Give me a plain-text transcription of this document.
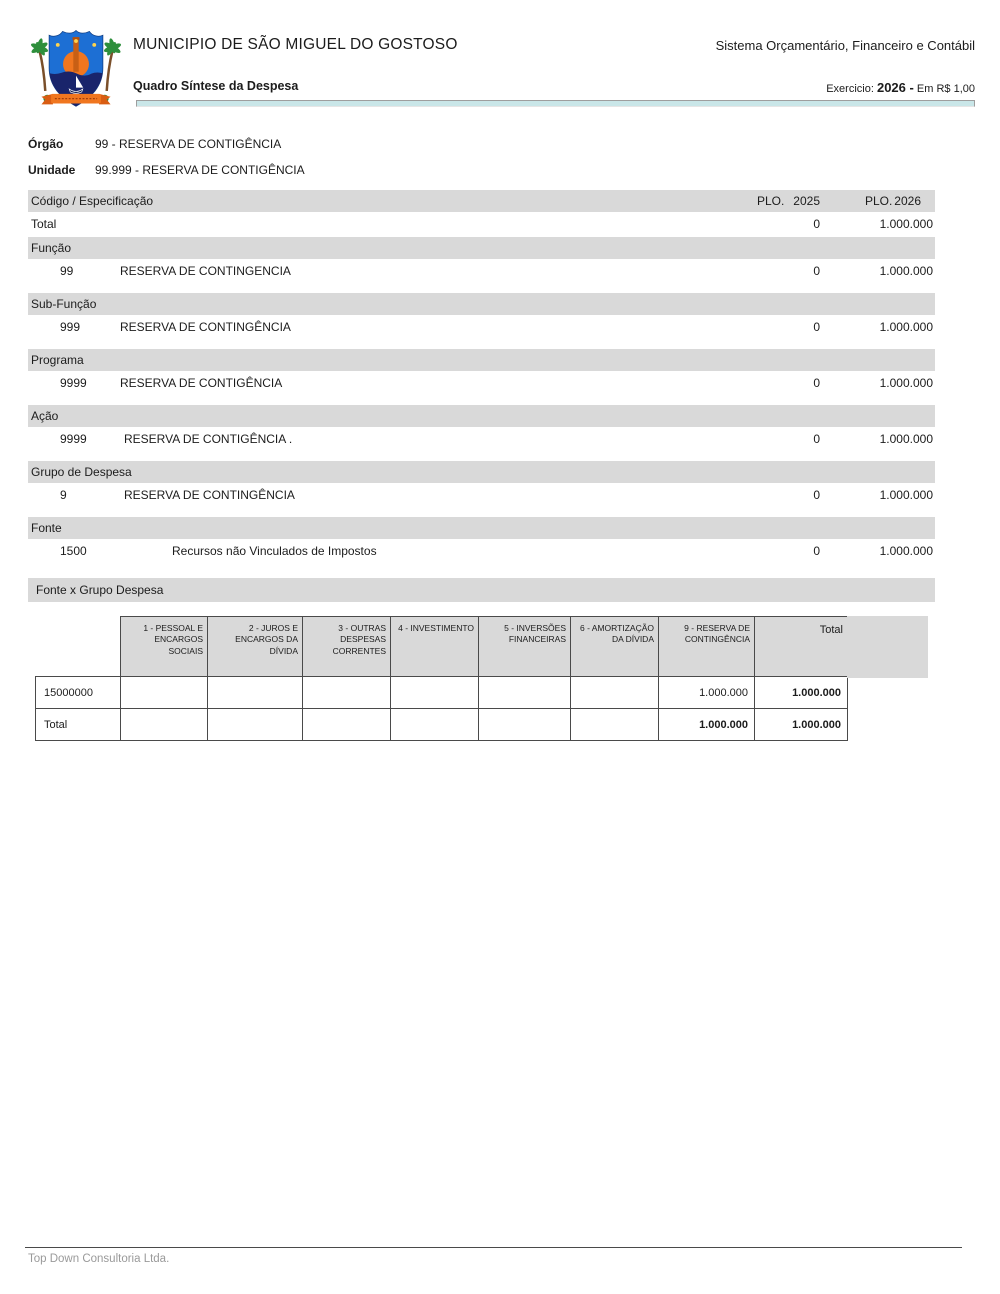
MUNICIPIO DE SÃO MIGUEL DO GOSTOSO	Sistema Orçamentário, Financeiro e Contábil
Quadro Síntese da Despesa	Exercicio: 2026 - Em R$ 1,00
Órgão	99 - RESERVA DE CONTIGÊNCIA
Unidade 99.999 - RESERVA DE CONTIGÊNCIA
Código / Especificação	PLO. 2025	PLO. 2026
Total	0	1.000.000
Função
99	RESERVA DE CONTINGENCIA	0	1.000.000
Sub-Função
999	RESERVA DE CONTINGÊNCIA	0	1.000.000
Programa
9999	RESERVA DE CONTIGÊNCIA	0	1.000.000
Ação
9999	RESERVA DE CONTIGÊNCIA .	0	1.000.000
Grupo de Despesa
9	RESERVA DE CONTINGÊNCIA	0	1.000.000
Fonte
1500	Recursos não Vinculados de Impostos	0	1.000.000
Fonte x Grupo Despesa
	1 - PESSOAL E ENCARGOS SOCIAIS	2 - JUROS E ENCARGOS DA DÍVIDA	3 - OUTRAS DESPESAS CORRENTES	4 - INVESTIMENTO	5 - INVERSÕES FINANCEIRAS	6 - AMORTIZAÇÃO DA DÍVIDA	9 - RESERVA DE CONTINGÊNCIA	Total
15000000							1.000.000	1.000.000
Total							1.000.000	1.000.000
Top Down Consultoria Ltda.
